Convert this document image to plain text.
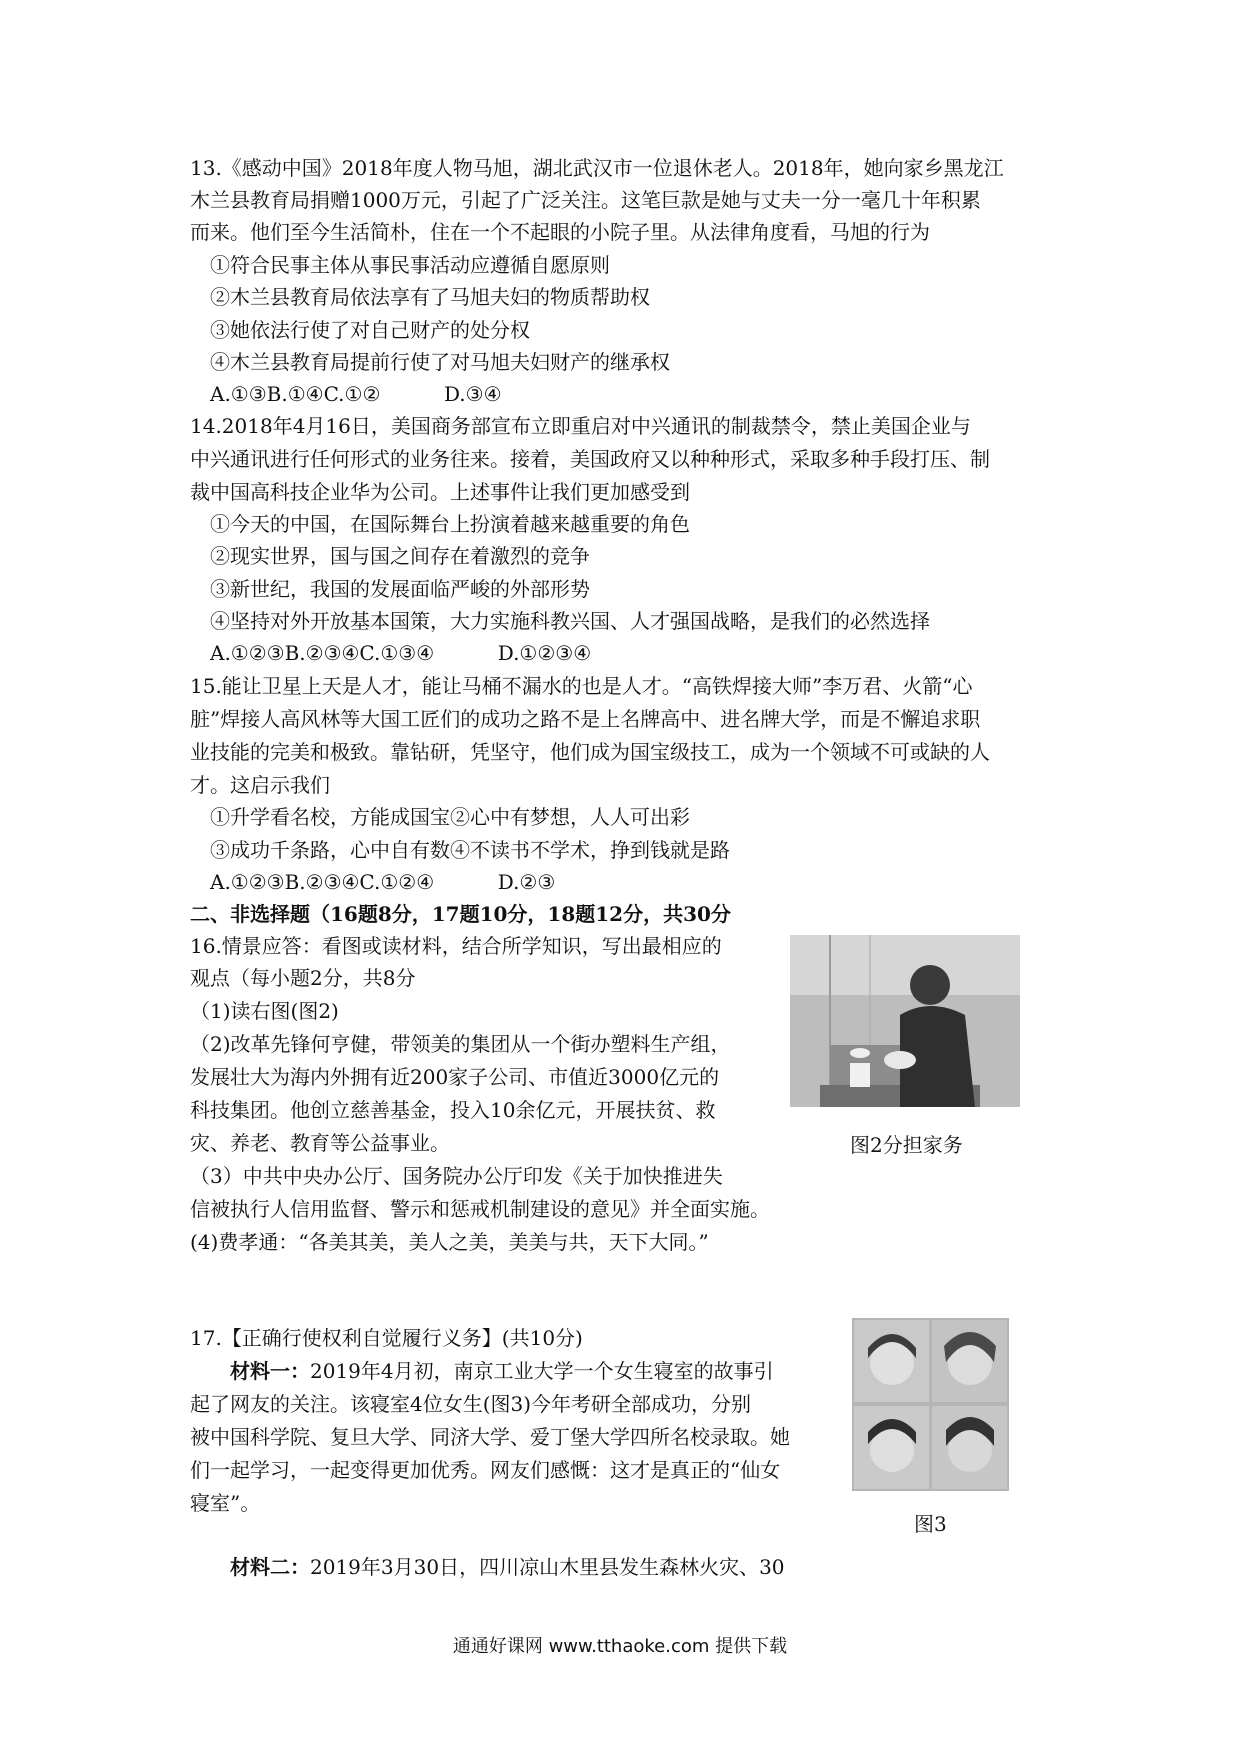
13.《感动中国》2018年度人物马旭，湖北武汉市一位退休老人。2018年，她向家乡黑龙江
木兰县教育局捐赠1000万元，引起了广泛关注。这笔巨款是她与丈夫一分一毫几十年积累
而来。他们至今生活简朴，住在一个不起眼的小院子里。从法律角度看，马旭的行为
①符合民事主体从事民事活动应遵循自愿原则
②木兰县教育局依法享有了马旭夫妇的物质帮助权
③她依法行使了对自己财产的处分权
④木兰县教育局提前行使了对马旭夫妇财产的继承权
A.①③B.①④C.①②          D.③④
14.2018年4月16日，美国商务部宣布立即重启对中兴通讯的制裁禁令，禁止美国企业与
中兴通讯进行任何形式的业务往来。接着，美国政府又以种种形式，采取多种手段打压、制
裁中国高科技企业华为公司。上述事件让我们更加感受到
①今天的中国，在国际舞台上扮演着越来越重要的角色
②现实世界，国与国之间存在着激烈的竞争
③新世纪，我国的发展面临严峻的外部形势
④坚持对外开放基本国策，大力实施科教兴国、人才强国战略，是我们的必然选择
A.①②③B.②③④C.①③④          D.①②③④
15.能让卫星上天是人才，能让马桶不漏水的也是人才。“高铁焊接大师”李万君、火箭“心
脏”焊接人高风林等大国工匠们的成功之路不是上名牌高中、进名牌大学，而是不懈追求职
业技能的完美和极致。靠钻研，凭坚守，他们成为国宝级技工，成为一个领域不可或缺的人
才。这启示我们
①升学看名校，方能成国宝②心中有梦想，人人可出彩
③成功千条路，心中自有数④不读书不学术，挣到钱就是路
A.①②③B.②③④C.①②④          D.②③
二、非选择题（16题8分，17题10分，18题12分，共30分
16.情景应答：看图或读材料，结合所学知识，写出最相应的
观点（每小题2分，共8分
（1)读右图(图2)
（2)改革先锋何亨健，带领美的集团从一个街办塑料生产组，
发展壮大为海内外拥有近200家子公司、市值近3000亿元的
科技集团。他创立慈善基金，投入10余亿元，开展扶贫、救
灾、养老、教育等公益事业。
（3）中共中央办公厅、国务院办公厅印发《关于加快推进失
信被执行人信用监督、警示和惩戒机制建设的意见》并全面实施。
(4)费孝通：“各美其美，美人之美，美美与共，天下大同。”
图2分担家务
17.【正确行使权利自觉履行义务】(共10分)
材料一：2019年4月初，南京工业大学一个女生寝室的故事引
起了网友的关注。该寝室4位女生(图3)今年考研全部成功，分别
被中国科学院、复旦大学、同济大学、爱丁堡大学四所名校录取。她
们一起学习，一起变得更加优秀。网友们感慨：这才是真正的“仙女
寝室”。
图3
材料二：2019年3月30日，四川凉山木里县发生森林火灾、30
通通好课网 www.tthaoke.com 提供下载
